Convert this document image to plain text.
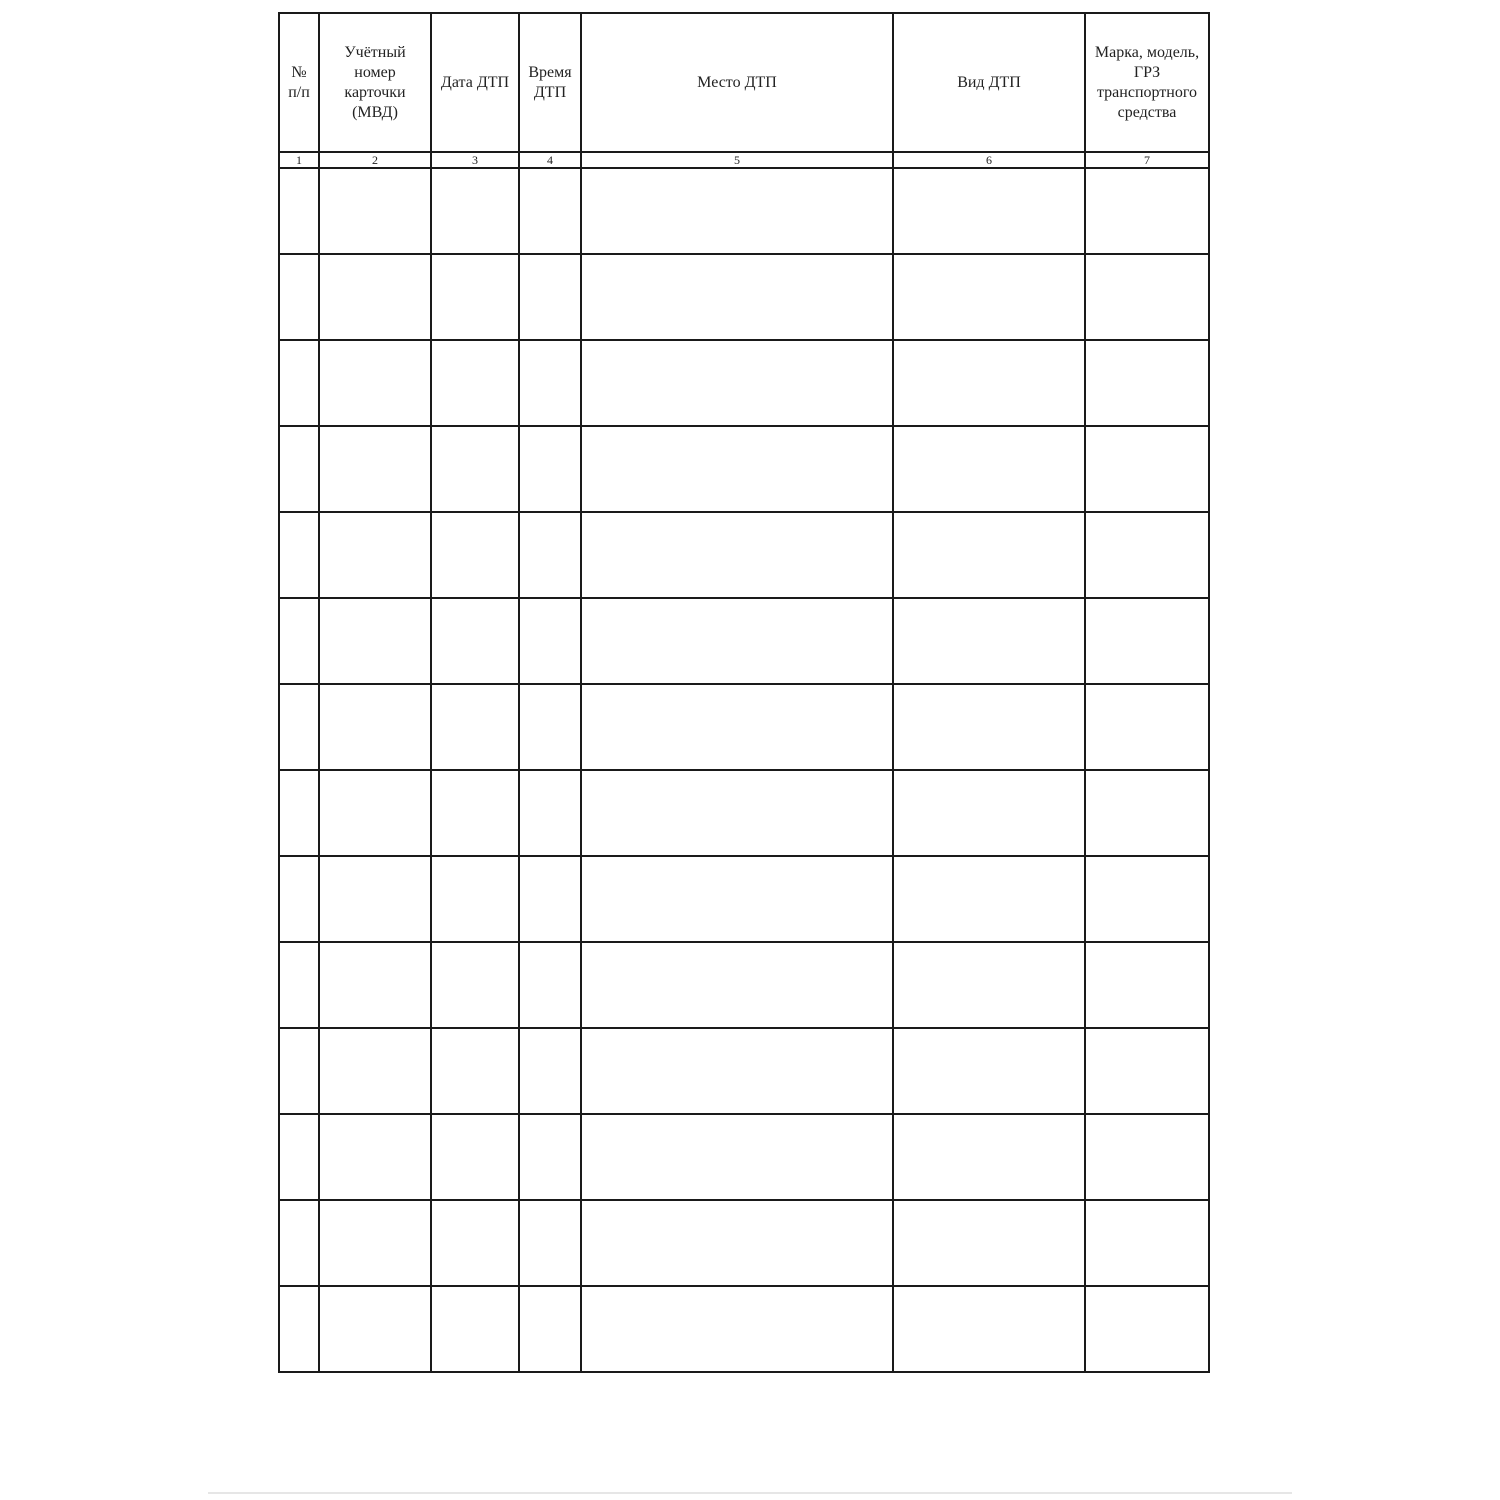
№ п/п	Учётный номер карточки (МВД)	Дата ДТП	Время ДТП	Место ДТП	Вид ДТП	Марка, модель, ГРЗ транспортного средства

1	2	3	4	5	6	7
